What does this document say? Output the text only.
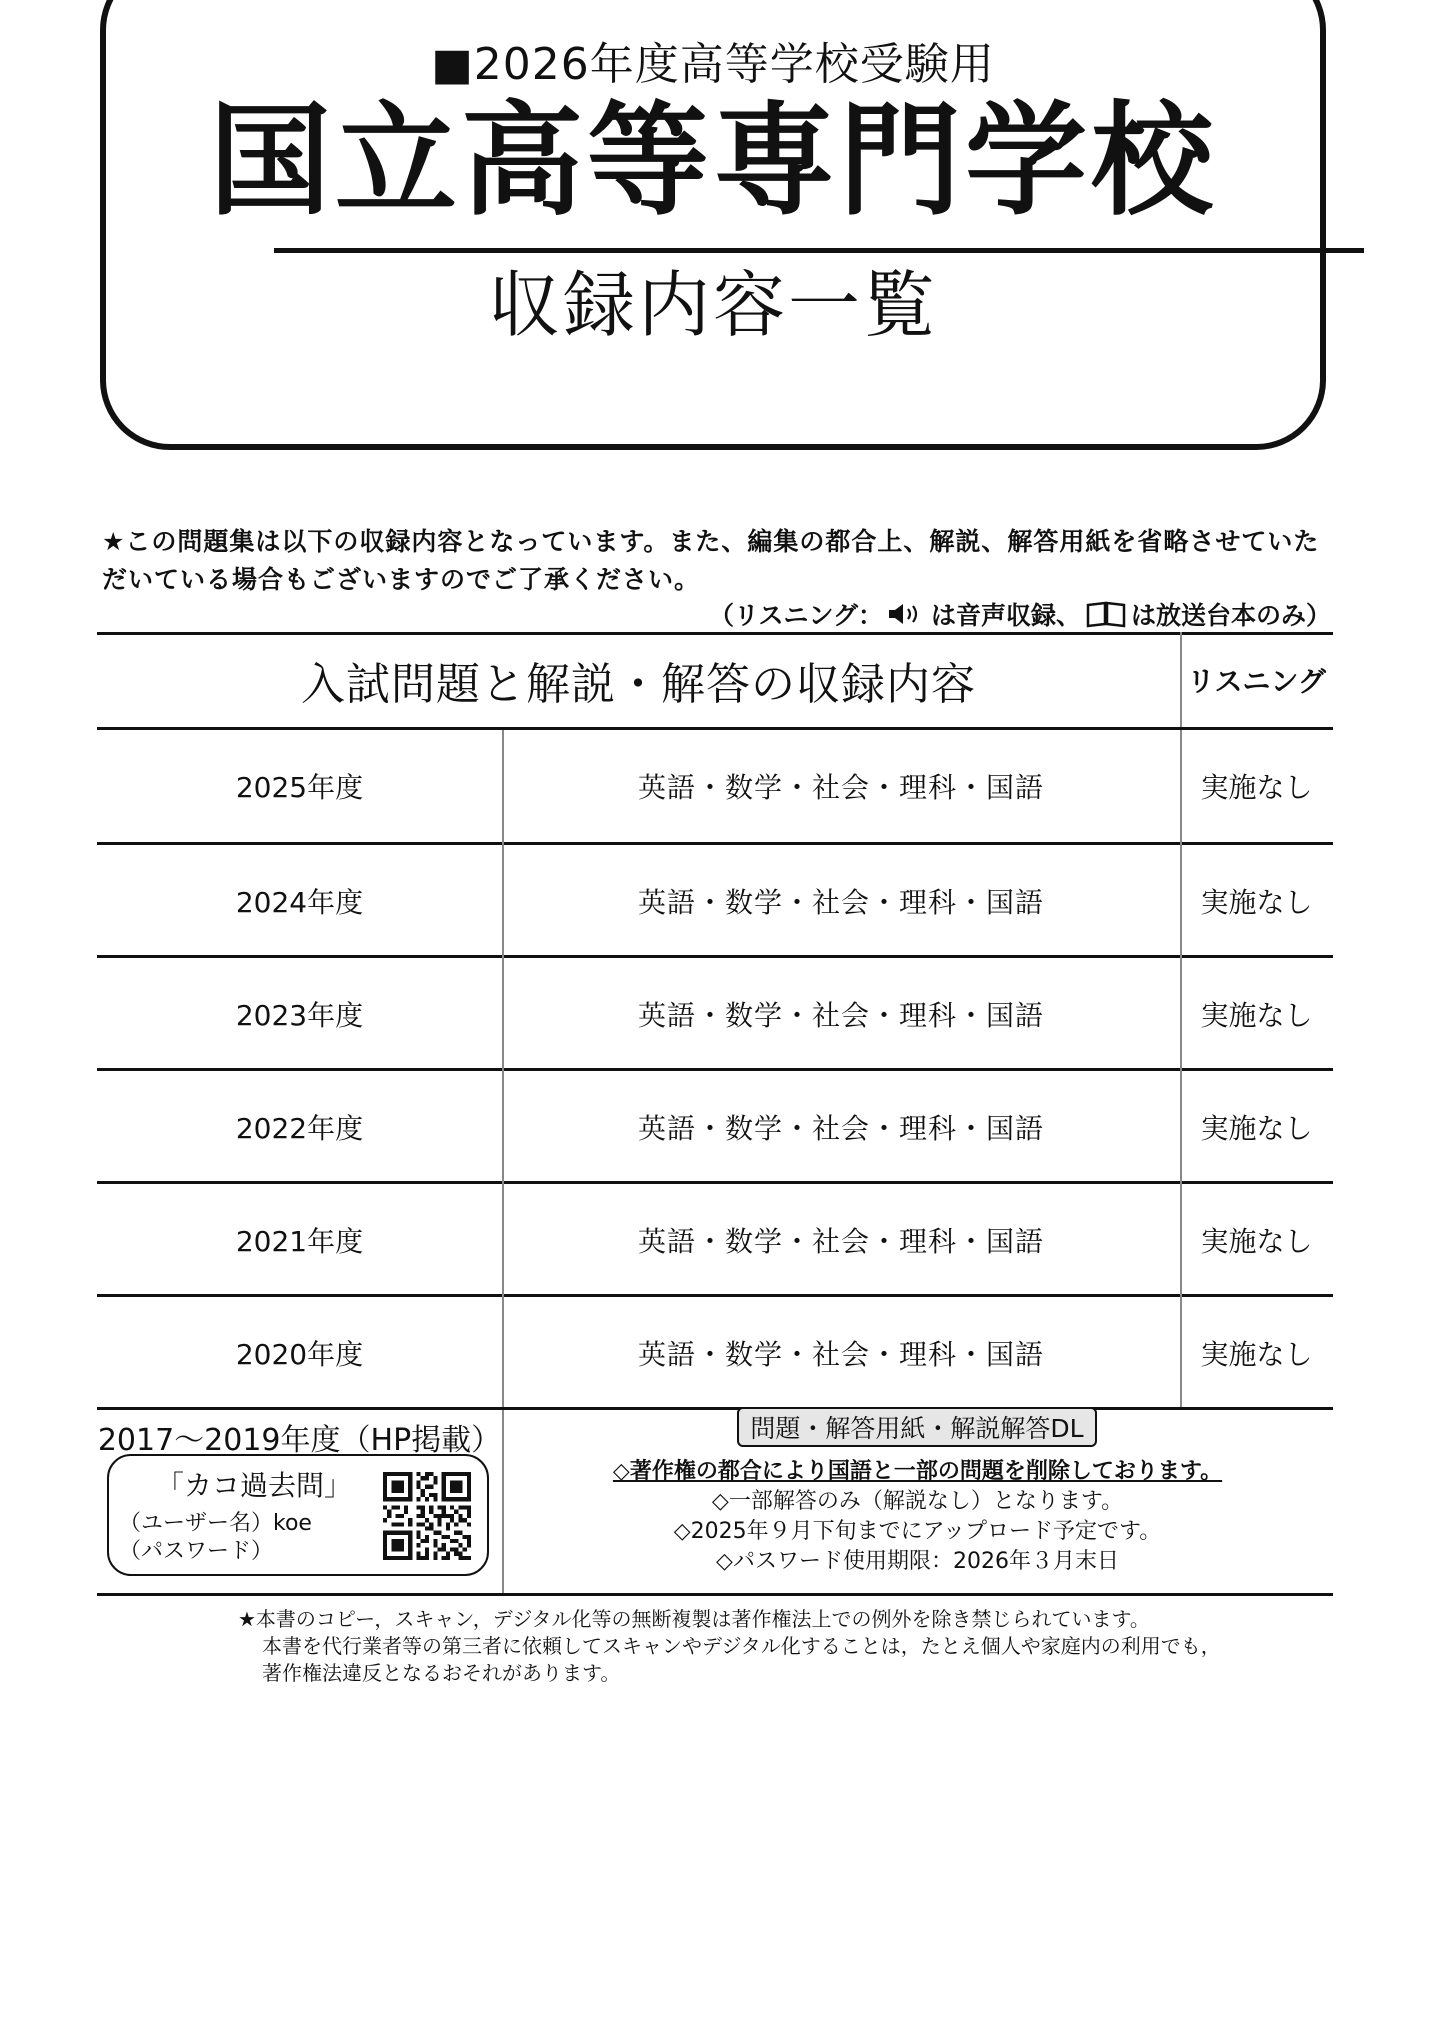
■2026年度高等学校受験用
国立高等専門学校
収録内容一覧
★この問題集は以下の収録内容となっています。また、編集の都合上、解説、解答用紙を省略させていただいている場合もございますのでご了承ください。
（リスニング： は音声収録、 は放送台本のみ）
入試問題と解説・解答の収録内容	リスニング
2025年度	英語・数学・社会・理科・国語	実施なし
2024年度	英語・数学・社会・理科・国語	実施なし
2023年度	英語・数学・社会・理科・国語	実施なし
2022年度	英語・数学・社会・理科・国語	実施なし
2021年度	英語・数学・社会・理科・国語	実施なし
2020年度	英語・数学・社会・理科・国語	実施なし
2017～2019年度（HP掲載）
「カコ過去問」
（ユーザー名）koe
（パスワード）
問題・解答用紙・解説解答DL
◇著作権の都合により国語と一部の問題を削除しております。
◇一部解答のみ（解説なし）となります。
◇2025年９月下旬までにアップロード予定です。
◇パスワード使用期限：2026年３月末日
★本書のコピー，スキャン，デジタル化等の無断複製は著作権法上での例外を除き禁じられています。
本書を代行業者等の第三者に依頼してスキャンやデジタル化することは，たとえ個人や家庭内の利用でも，
著作権法違反となるおそれがあります。
